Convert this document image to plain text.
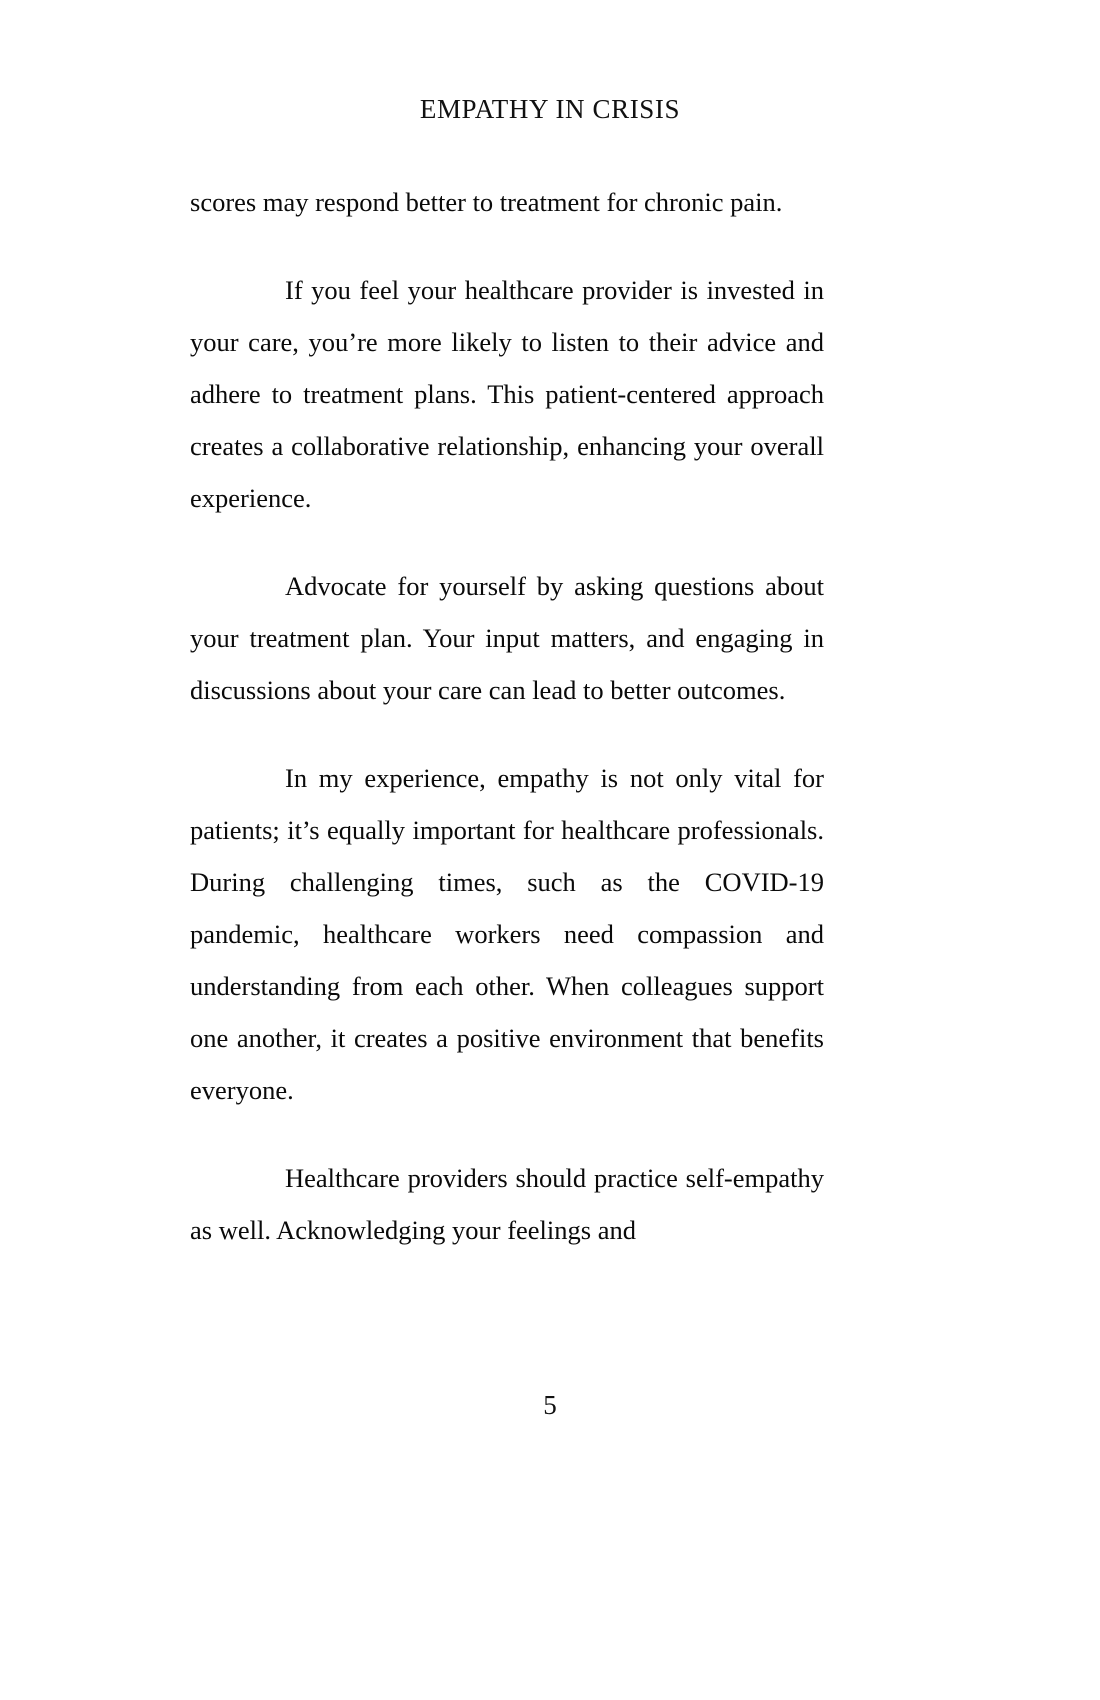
EMPATHY IN CRISIS

scores may respond better to treatment for chronic pain.

If you feel your healthcare provider is invested in your care, you’re more likely to listen to their advice and adhere to treatment plans. This patient-centered approach creates a collaborative relationship, enhancing your overall experience.

Advocate for yourself by asking questions about your treatment plan. Your input matters, and engaging in discussions about your care can lead to better outcomes.

In my experience, empathy is not only vital for patients; it’s equally important for healthcare professionals. During challenging times, such as the COVID-19 pandemic, healthcare workers need compassion and understanding from each other. When colleagues support one another, it creates a positive environment that benefits everyone.

Healthcare providers should practice self-empathy as well. Acknowledging your feelings and

5
